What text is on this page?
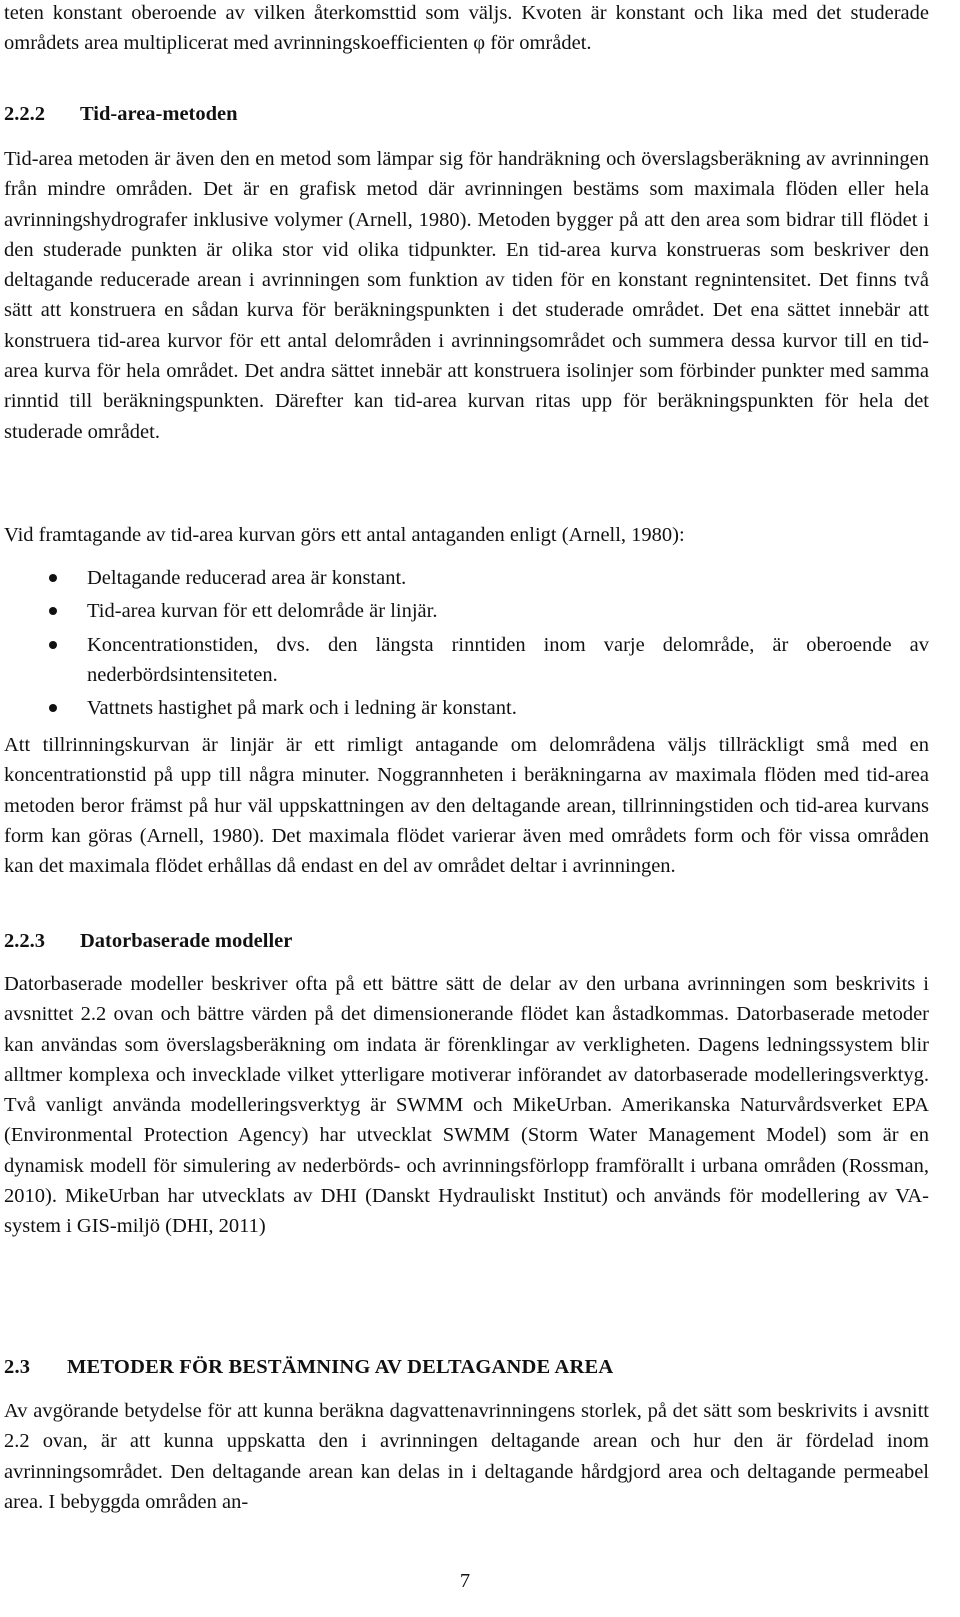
teten konstant oberoende av vilken återkomsttid som väljs. Kvoten är konstant och lika med det studerade områdets area multiplicerat med avrinningskoefficienten φ för området.
2.2.2 Tid-area-metoden
Tid-area metoden är även den en metod som lämpar sig för handräkning och överslagsberäkning av avrinningen från mindre områden. Det är en grafisk metod där avrinningen bestäms som maximala flöden eller hela avrinningshydrografer inklusive volymer (Arnell, 1980). Metoden bygger på att den area som bidrar till flödet i den studerade punkten är olika stor vid olika tidpunkter. En tid-area kurva konstrueras som beskriver den deltagande reducerade arean i avrinningen som funktion av tiden för en konstant regnintensitet. Det finns två sätt att konstruera en sådan kurva för beräkningspunkten i det studerade området. Det ena sättet innebär att konstruera tid-area kurvor för ett antal delområden i avrinningsområdet och summera dessa kurvor till en tid-area kurva för hela området. Det andra sättet innebär att konstruera isolinjer som förbinder punkter med samma rinntid till beräkningspunkten. Därefter kan tid-area kurvan ritas upp för beräkningspunkten för hela det studerade området.
Vid framtagande av tid-area kurvan görs ett antal antaganden enligt (Arnell, 1980):
Deltagande reducerad area är konstant.
Tid-area kurvan för ett delområde är linjär.
Koncentrationstiden, dvs. den längsta rinntiden inom varje delområde, är oberoende av nederbördsintensiteten.
Vattnets hastighet på mark och i ledning är konstant.
Att tillrinningskurvan är linjär är ett rimligt antagande om delområdena väljs tillräckligt små med en koncentrationstid på upp till några minuter. Noggrannheten i beräkningarna av maximala flöden med tid-area metoden beror främst på hur väl uppskattningen av den deltagande arean, tillrinningstiden och tid-area kurvans form kan göras (Arnell, 1980). Det maximala flödet varierar även med områdets form och för vissa områden kan det maximala flödet erhållas då endast en del av området deltar i avrinningen.
2.2.3 Datorbaserade modeller
Datorbaserade modeller beskriver ofta på ett bättre sätt de delar av den urbana avrinningen som beskrivits i avsnittet 2.2 ovan och bättre värden på det dimensionerande flödet kan åstadkommas. Datorbaserade metoder kan användas som överslagsberäkning om indata är förenklingar av verkligheten. Dagens ledningssystem blir alltmer komplexa och invecklade vilket ytterligare motiverar införandet av datorbaserade modelleringsverktyg. Två vanligt använda modelleringsverktyg är SWMM och MikeUrban. Amerikanska Naturvårdsverket EPA (Environmental Protection Agency) har utvecklat SWMM (Storm Water Management Model) som är en dynamisk modell för simulering av nederbörds- och avrinningsförlopp framförallt i urbana områden (Rossman, 2010). MikeUrban har utvecklats av DHI (Danskt Hydrauliskt Institut) och används för modellering av VA-system i GIS-miljö (DHI, 2011)
2.3 METODER FÖR BESTÄMNING AV DELTAGANDE AREA
Av avgörande betydelse för att kunna beräkna dagvattenavrinningens storlek, på det sätt som beskrivits i avsnitt 2.2 ovan, är att kunna uppskatta den i avrinningen deltagande arean och hur den är fördelad inom avrinningsområdet. Den deltagande arean kan delas in i deltagande hårdgjord area och deltagande permeabel area. I bebyggda områden an-
7
